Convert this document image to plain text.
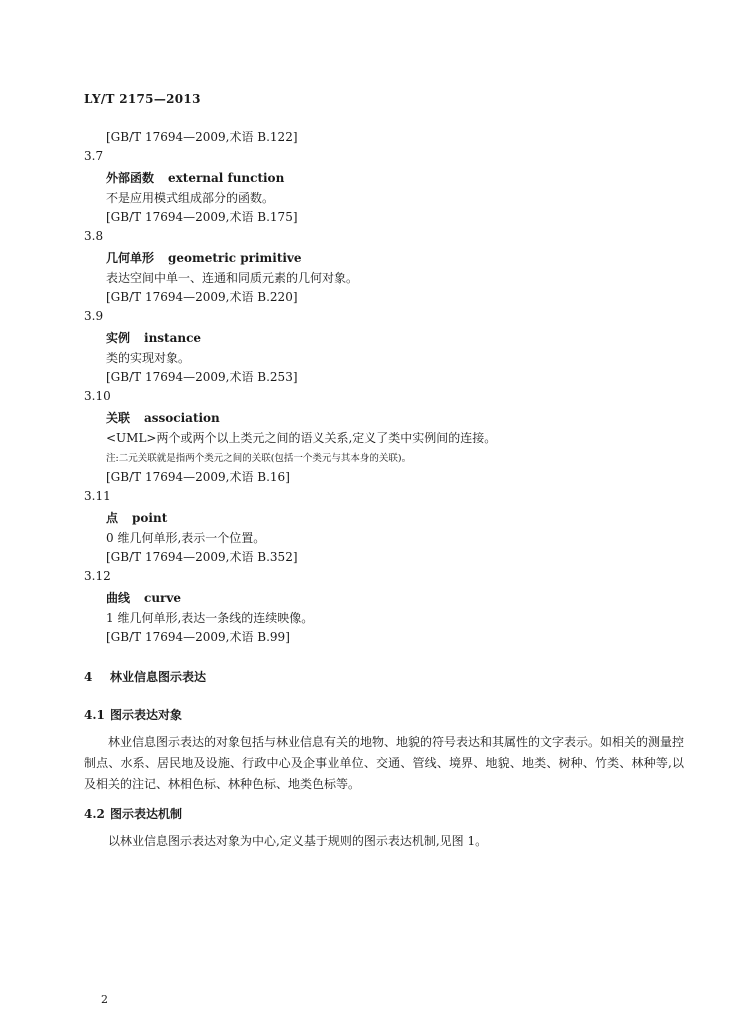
LY/T 2175—2013
[GB/T 17694—2009,术语 B.122]
3.7
外部函数 external function
不是应用模式组成部分的函数。
[GB/T 17694—2009,术语 B.175]
3.8
几何单形 geometric primitive
表达空间中单一、连通和同质元素的几何对象。
[GB/T 17694—2009,术语 B.220]
3.9
实例 instance
类的实现对象。
[GB/T 17694—2009,术语 B.253]
3.10
关联 association
<UML>两个或两个以上类元之间的语义关系,定义了类中实例间的连接。
注:二元关联就是指两个类元之间的关联(包括一个类元与其本身的关联)。
[GB/T 17694—2009,术语 B.16]
3.11
点 point
0 维几何单形,表示一个位置。
[GB/T 17694—2009,术语 B.352]
3.12
曲线 curve
1 维几何单形,表达一条线的连续映像。
[GB/T 17694—2009,术语 B.99]
4 林业信息图示表达
4.1 图示表达对象
林业信息图示表达的对象包括与林业信息有关的地物、地貌的符号表达和其属性的文字表示。如相关的测量控制点、水系、居民地及设施、行政中心及企事业单位、交通、管线、境界、地貌、地类、树种、竹类、林种等,以及相关的注记、林相色标、林种色标、地类色标等。
4.2 图示表达机制
以林业信息图示表达对象为中心,定义基于规则的图示表达机制,见图 1。
2
